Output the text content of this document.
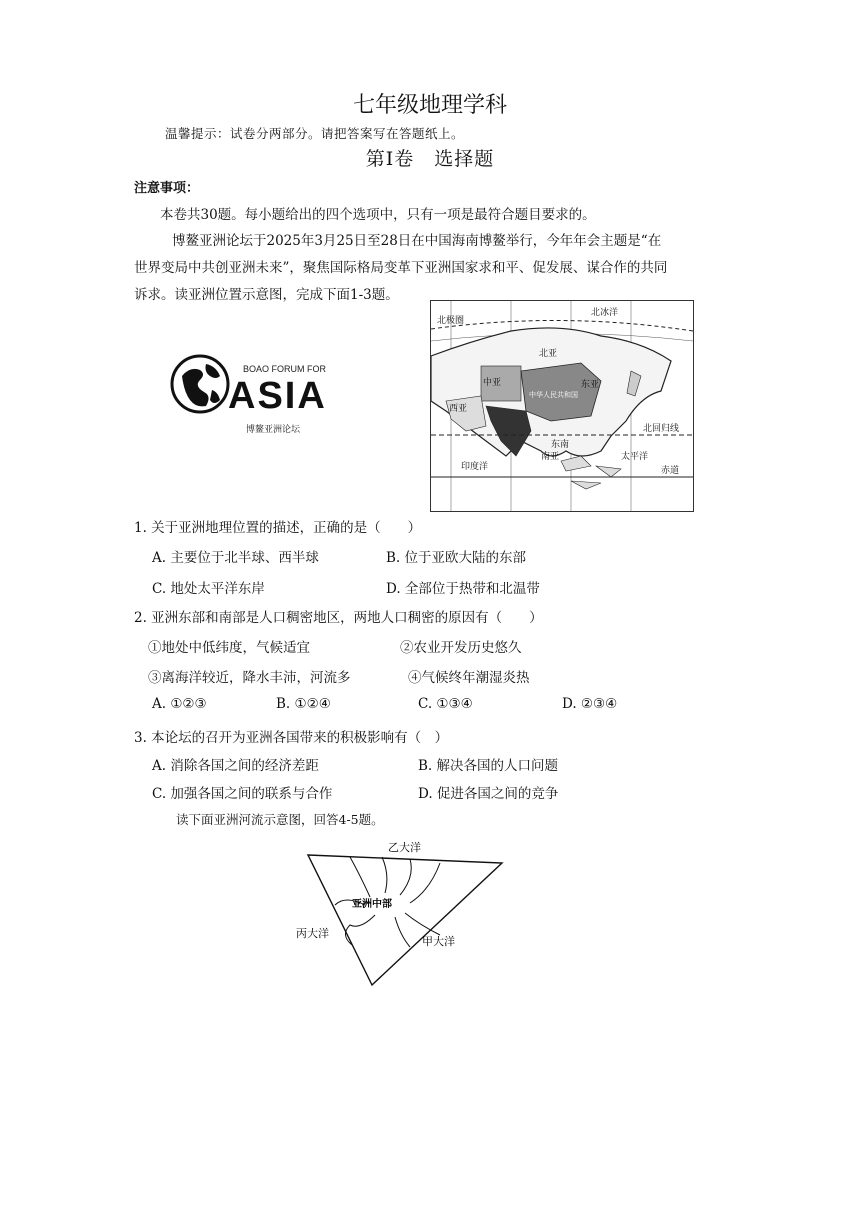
七年级地理学科
温馨提示：试卷分两部分。请把答案写在答题纸上。
第Ⅰ卷　选择题
注意事项：
本卷共30题。每小题给出的四个选项中，只有一项是最符合题目要求的。
博鳌亚洲论坛于2025年3月25日至28日在中国海南博鳌举行，今年年会主题是“在
世界变局中共创亚洲未来”，聚焦国际格局变革下亚洲国家求和平、促发展、谋合作的共同
诉求。读亚洲位置示意图，完成下面1-3题。
BOAO FORUM FOR
ASIA
博鳌亚洲论坛
北极圈
北冰洋
北亚
中亚
西亚
东亚
中华人民共和国
南亚
东南
北回归线
太平洋
印度洋	赤道
1. 关于亚洲地理位置的描述，正确的是（　　）
A. 主要位于北半球、西半球	B. 位于亚欧大陆的东部
C. 地处太平洋东岸	D. 全部位于热带和北温带
2. 亚洲东部和南部是人口稠密地区，两地人口稠密的原因有（　　）
①地处中低纬度，气候适宜	②农业开发历史悠久
③离海洋较近，降水丰沛，河流多	④气候终年潮湿炎热
A. ①②③	B. ①②④	C. ①③④	D. ②③④
3. 本论坛的召开为亚洲各国带来的积极影响有（　）
A. 消除各国之间的经济差距	B. 解决各国的人口问题
C. 加强各国之间的联系与合作	D. 促进各国之间的竞争
读下面亚洲河流示意图，回答4-5题。
亚洲中部
乙大洋
丙大洋
甲大洋
